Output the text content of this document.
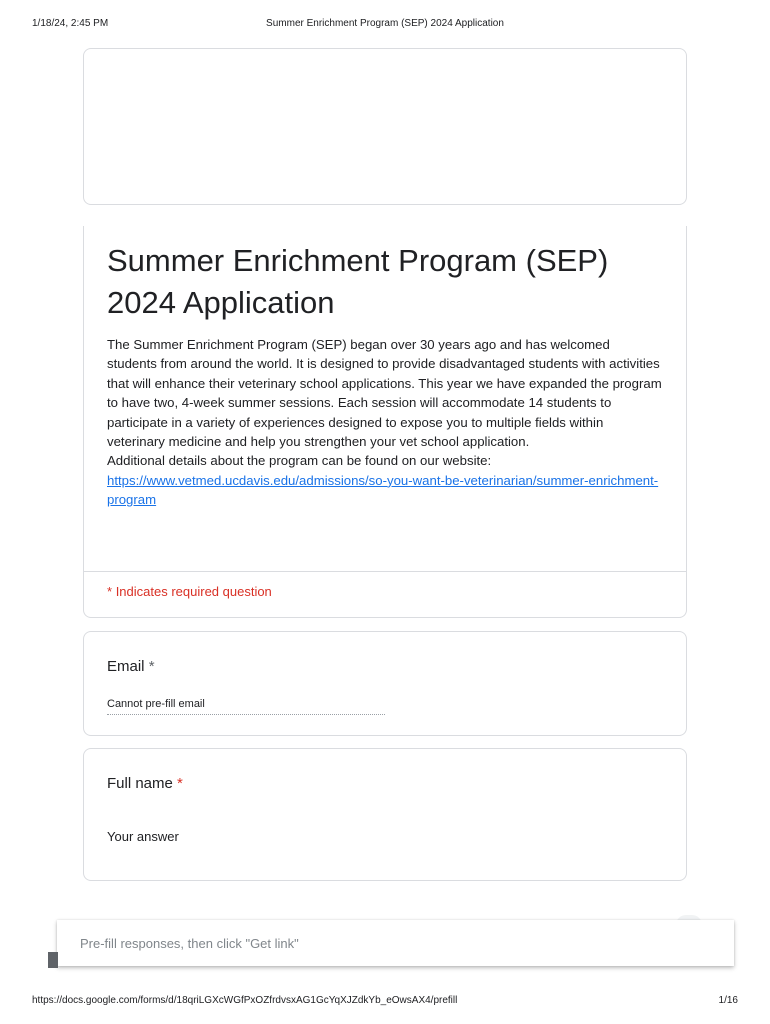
1/18/24, 2:45 PM	Summer Enrichment Program (SEP) 2024 Application
Summer Enrichment Program (SEP) 2024 Application
The Summer Enrichment Program (SEP) began over 30 years ago and has welcomed students from around the world. It is designed to provide disadvantaged students with activities that will enhance their veterinary school applications. This year we have expanded the program to have two, 4-week summer sessions. Each session will accommodate 14 students to participate in a variety of experiences designed to expose you to multiple fields within veterinary medicine and help you strengthen your vet school application.
Additional details about the program can be found on our website:
https://www.vetmed.ucdavis.edu/admissions/so-you-want-be-veterinarian/summer-enrichment-program
* Indicates required question
Email *
Cannot pre-fill email
Full name *
Your answer
Pre-fill responses, then click "Get link"
https://docs.google.com/forms/d/18qriLGXcWGfPxOZfrdvsxAG1GcYqXJZdkYb_eOwsAX4/prefill	1/16
